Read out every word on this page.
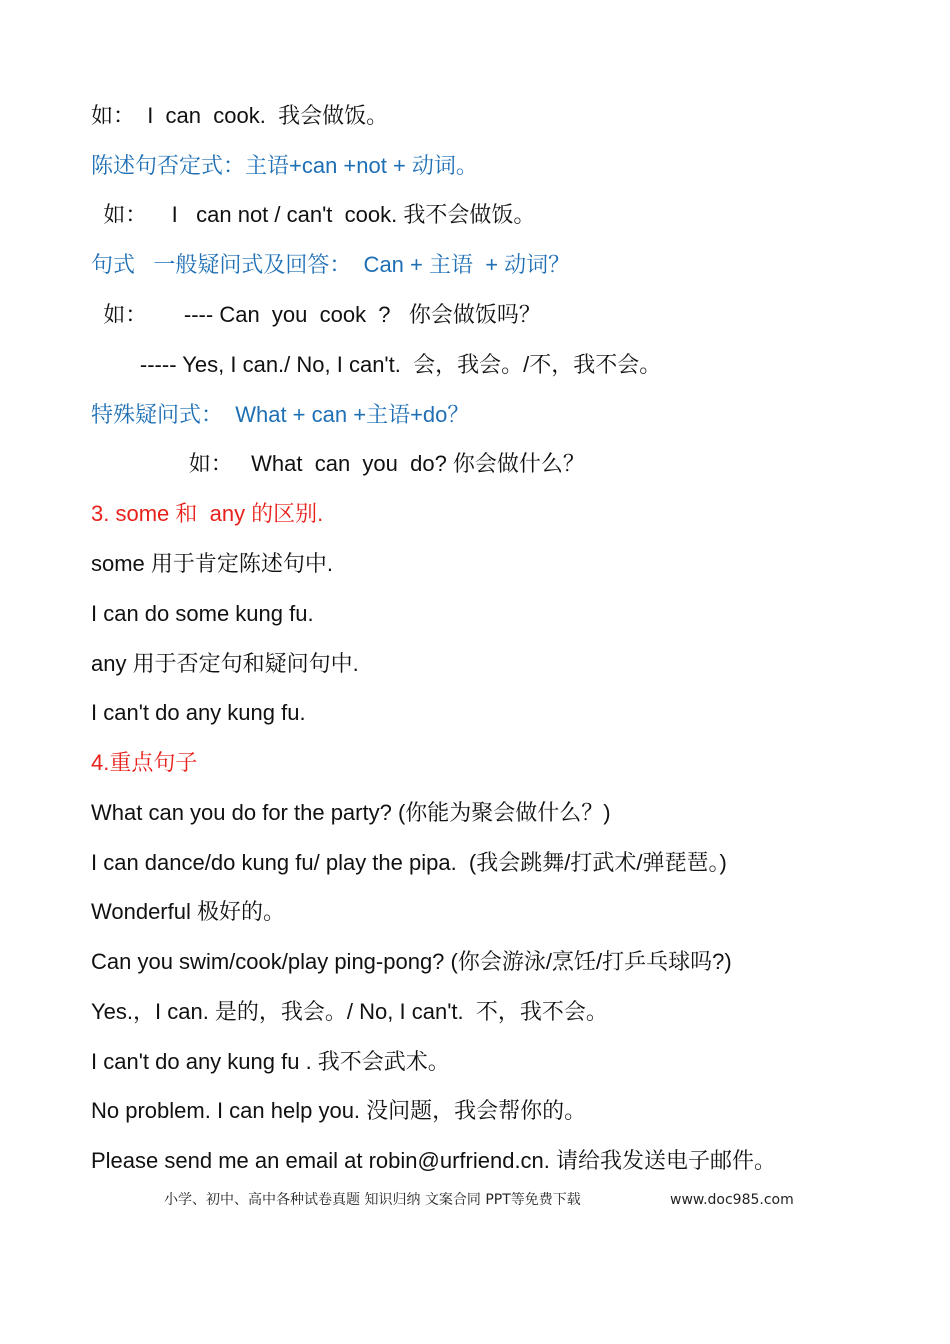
如：  I  can  cook.  我会做饭。
陈述句否定式：主语+can +not + 动词。
如：    I   can not / can't  cook. 我不会做饭。
句式   一般疑问式及回答：  Can + 主语  + 动词？
如：      ---- Can  you  cook  ?   你会做饭吗？
----- Yes, I can./ No, I can't.  会，我会。/不，我不会。
特殊疑问式：  What + can +主语+do？
如：   What  can  you  do? 你会做什么？
3. some 和  any 的区别.
some 用于肯定陈述句中.
I can do some kung fu.
any 用于否定句和疑问句中.
I can't do any kung fu.
4.重点句子
What can you do for the party? (你能为聚会做什么？)
I can dance/do kung fu/ play the pipa.  (我会跳舞/打武术/弹琵琶。)
Wonderful 极好的。
Can you swim/cook/play ping-pong? (你会游泳/烹饪/打乒乓球吗?)
Yes.，I can. 是的，我会。/ No, I can't.  不，我不会。
I can't do any kung fu . 我不会武术。
No problem. I can help you. 没问题，我会帮你的。
Please send me an email at robin@urfriend.cn. 请给我发送电子邮件。
小学、初中、高中各种试卷真题 知识归纳 文案合同 PPT等免费下载	www.doc985.com
